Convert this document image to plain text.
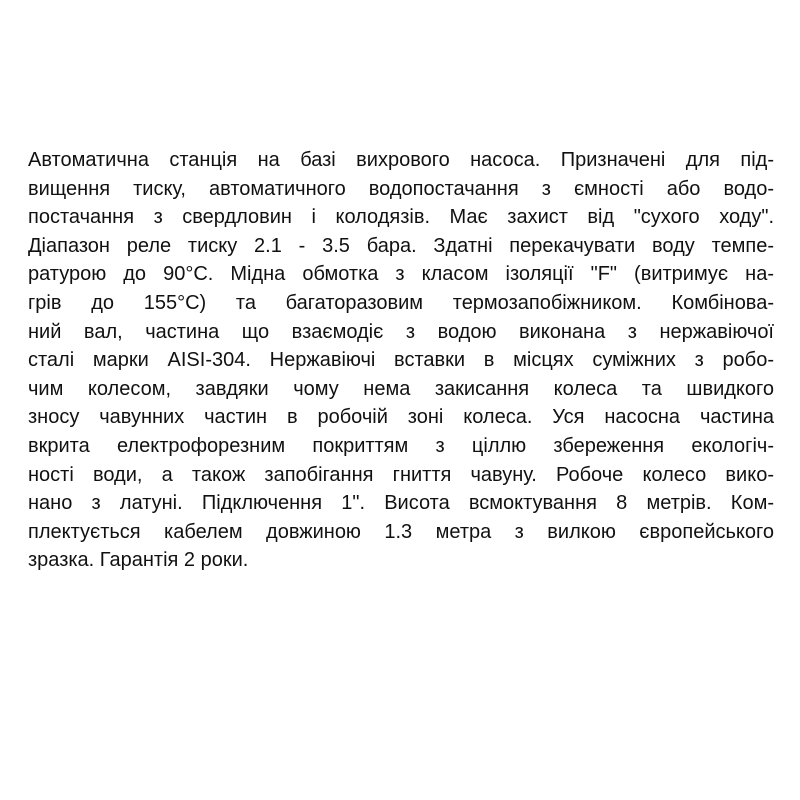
Автоматична станція на базі вихрового насоса. Призначені для під-
вищення тиску, автоматичного водопостачання з ємності або водо-
постачання з свердловин і колодязів. Має захист від "сухого ходу".
Діапазон реле тиску 2.1 - 3.5 бара. Здатні перекачувати воду темпе-
ратурою до 90°С. Мідна обмотка з класом ізоляції "F" (витримує на-
грів до 155°С) та багаторазовим термозапобіжником. Комбінова-
ний вал, частина що взаємодіє з водою виконана з нержавіючої
сталі марки AISI-304. Нержавіючі вставки в місцях суміжних з робо-
чим колесом, завдяки чому нема закисання колеса та швидкого
зносу чавунних частин в робочій зоні колеса. Уся насосна частина
вкрита електрофорезним покриттям з ціллю збереження екологіч-
ності води, а також запобігання гниття чавуну. Робоче колесо вико-
нано з латуні. Підключення 1". Висота всмоктування 8 метрів. Ком-
плектується кабелем довжиною 1.3 метра з вилкою європейського
зразка. Гарантія 2 роки.
